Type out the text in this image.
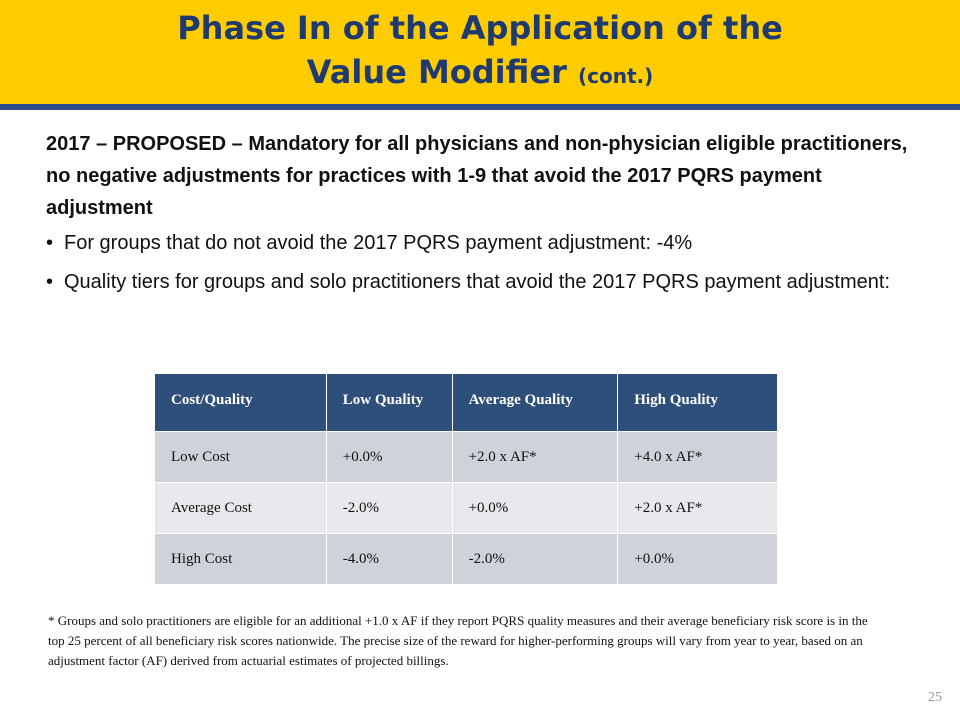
Phase In of the Application of the
Value Modifier (cont.)
2017 – PROPOSED – Mandatory for all physicians and non-physician eligible practitioners, no negative adjustments for practices with 1-9 that avoid the 2017 PQRS payment adjustment
• For groups that do not avoid the 2017 PQRS payment adjustment: -4%
• Quality tiers for groups and solo practitioners that avoid the 2017 PQRS payment adjustment:
Cost/Quality	Low Quality	Average Quality	High Quality
Low Cost	+0.0%	+2.0 x AF*	+4.0 x AF*
Average Cost	-2.0%	+0.0%	+2.0 x AF*
High Cost	-4.0%	-2.0%	+0.0%
* Groups and solo practitioners are eligible for an additional +1.0 x AF if they report PQRS quality measures and their average beneficiary risk score is in the top 25 percent of all beneficiary risk scores nationwide. The precise size of the reward for higher-performing groups will vary from year to year, based on an adjustment factor (AF) derived from actuarial estimates of projected billings.
25
